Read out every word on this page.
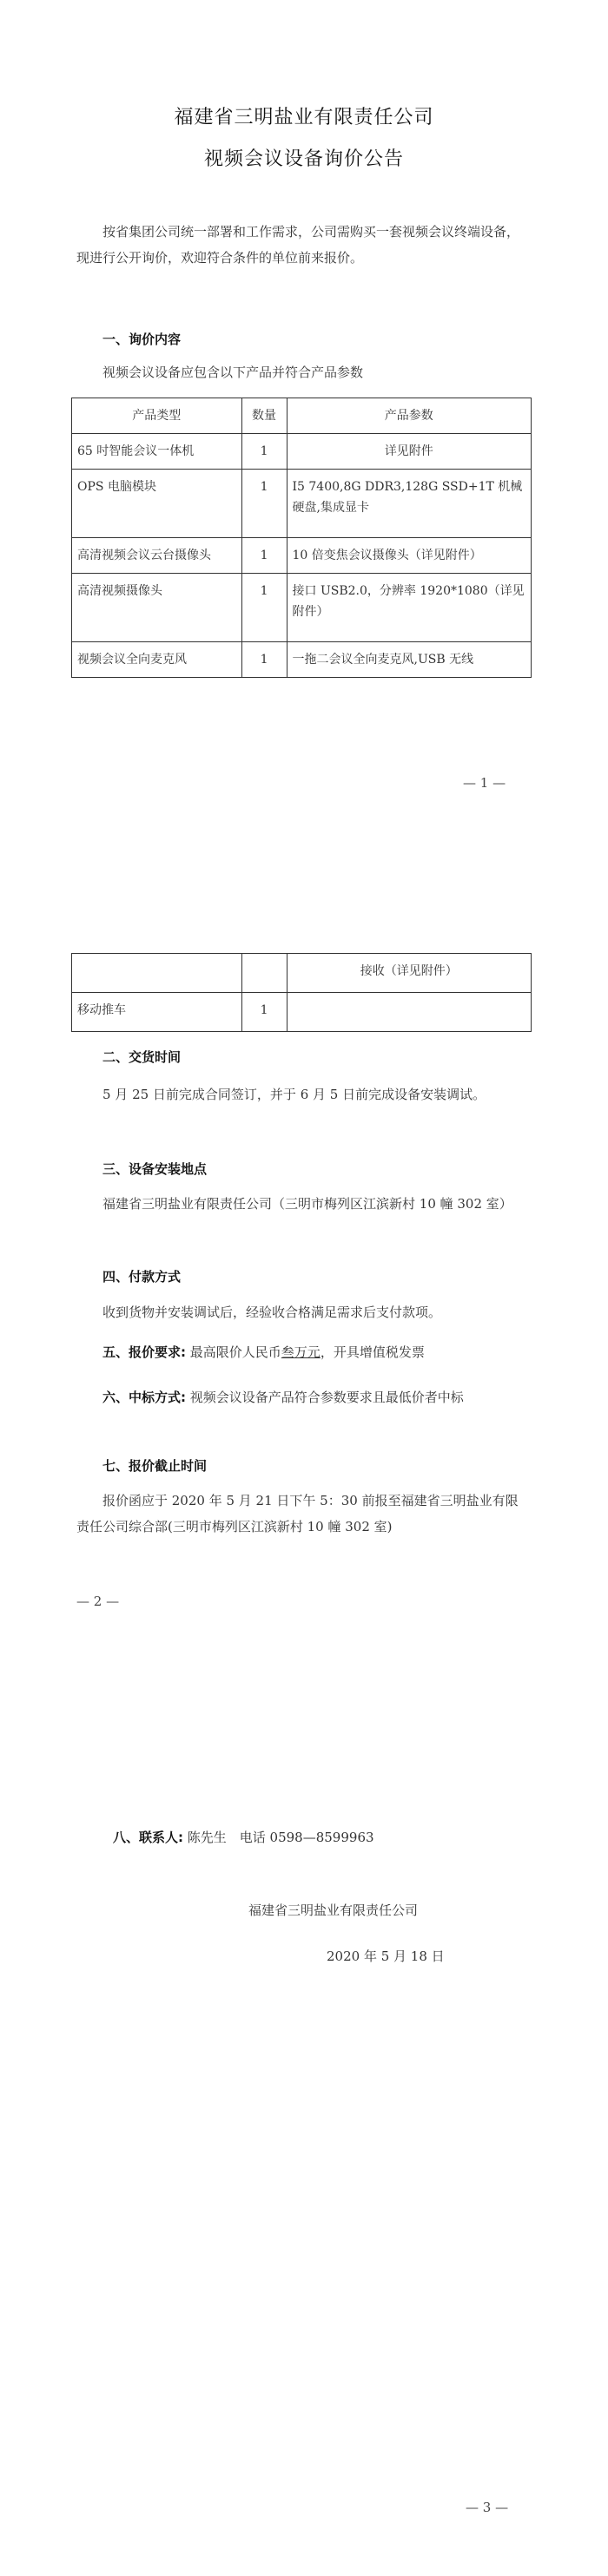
福建省三明盐业有限责任公司
视频会议设备询价公告
按省集团公司统一部署和工作需求，公司需购买一套视频会议终端设备，现进行公开询价，欢迎符合条件的单位前来报价。
一、询价内容
视频会议设备应包含以下产品并符合产品参数
产品类型	数量	产品参数
65 吋智能会议一体机	1	详见附件
OPS 电脑模块	1	I5 7400,8G DDR3,128G SSD+1T 机械硬盘,集成显卡
高清视频会议云台摄像头	1	10 倍变焦会议摄像头（详见附件）
高清视频摄像头	1	接口 USB2.0，分辨率 1920*1080（详见附件）
视频会议全向麦克风	1	一拖二会议全向麦克风,USB 无线
— 1 —
		接收（详见附件）
移动推车	1	
二、交货时间
5 月 25 日前完成合同签订，并于 6 月 5 日前完成设备安装调试。
三、设备安装地点
福建省三明盐业有限责任公司（三明市梅列区江滨新村 10 幢 302 室）
四、付款方式
收到货物并安装调试后，经验收合格满足需求后支付款项。
五、报价要求: 最高限价人民币叁万元，开具增值税发票
六、中标方式: 视频会议设备产品符合参数要求且最低价者中标
七、报价截止时间
报价函应于 2020 年 5 月 21 日下午 5：30 前报至福建省三明盐业有限责任公司综合部(三明市梅列区江滨新村 10 幢 302 室)
— 2 —
八、联系人: 陈先生　电话 0598—8599963
福建省三明盐业有限责任公司
2020 年 5 月 18 日
— 3 —
